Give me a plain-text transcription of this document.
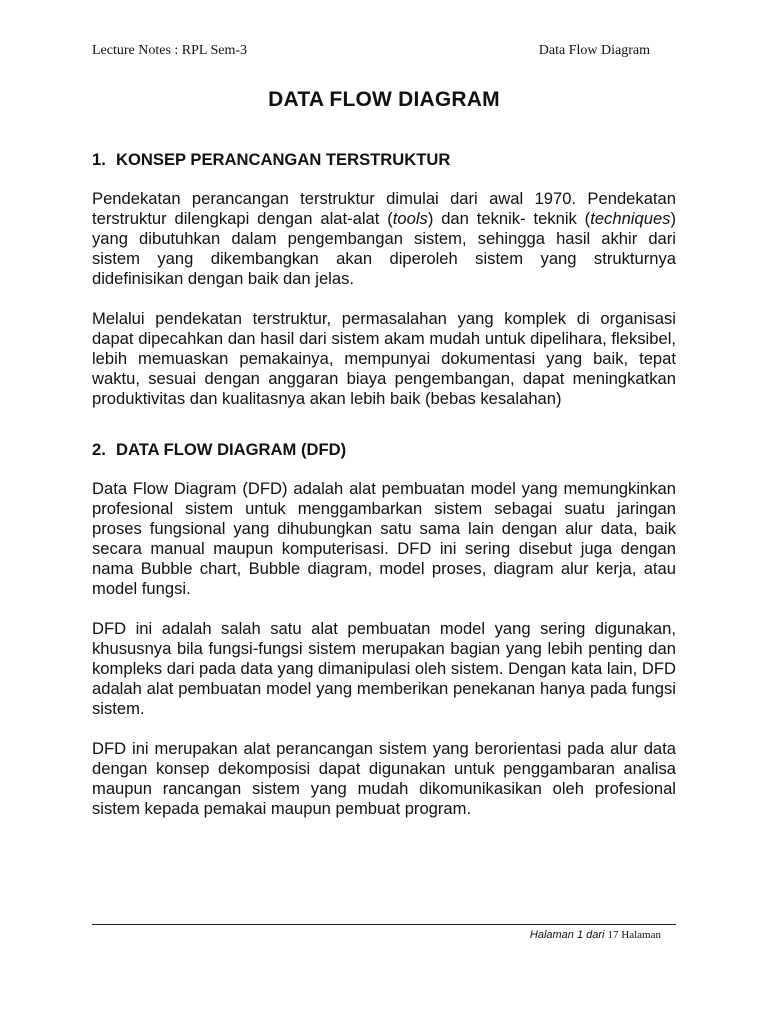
Lecture Notes : RPL Sem-3	Data Flow Diagram
DATA FLOW DIAGRAM
1. KONSEP PERANCANGAN TERSTRUKTUR

Pendekatan perancangan terstruktur dimulai dari awal 1970. Pendekatan terstruktur dilengkapi dengan alat-alat (tools) dan teknik- teknik (techniques) yang dibutuhkan dalam pengembangan sistem, sehingga hasil akhir dari sistem yang dikembangkan akan diperoleh sistem yang strukturnya didefinisikan dengan baik dan jelas.

Melalui pendekatan terstruktur, permasalahan yang komplek di organisasi dapat dipecahkan dan hasil dari sistem akam mudah untuk dipelihara, fleksibel, lebih memuaskan pemakainya, mempunyai dokumentasi yang baik, tepat waktu, sesuai dengan anggaran biaya pengembangan, dapat meningkatkan produktivitas dan kualitasnya akan lebih baik (bebas kesalahan)

2. DATA FLOW DIAGRAM (DFD)

Data Flow Diagram (DFD) adalah alat pembuatan model yang memungkinkan profesional sistem untuk menggambarkan sistem sebagai suatu jaringan proses fungsional yang dihubungkan satu sama lain dengan alur data, baik secara manual maupun komputerisasi. DFD ini sering disebut juga dengan nama Bubble chart, Bubble diagram, model proses, diagram alur kerja, atau model fungsi.

DFD ini adalah salah satu alat pembuatan model yang sering digunakan, khususnya bila fungsi-fungsi sistem merupakan bagian yang lebih penting dan kompleks dari pada data yang dimanipulasi oleh sistem. Dengan kata lain, DFD adalah alat pembuatan model yang memberikan penekanan hanya pada fungsi sistem.

DFD ini merupakan alat perancangan sistem yang berorientasi pada alur data dengan konsep dekomposisi dapat digunakan untuk penggambaran analisa maupun rancangan sistem yang mudah dikomunikasikan oleh profesional sistem kepada pemakai maupun pembuat program.

Halaman 1 dari 17 Halaman
